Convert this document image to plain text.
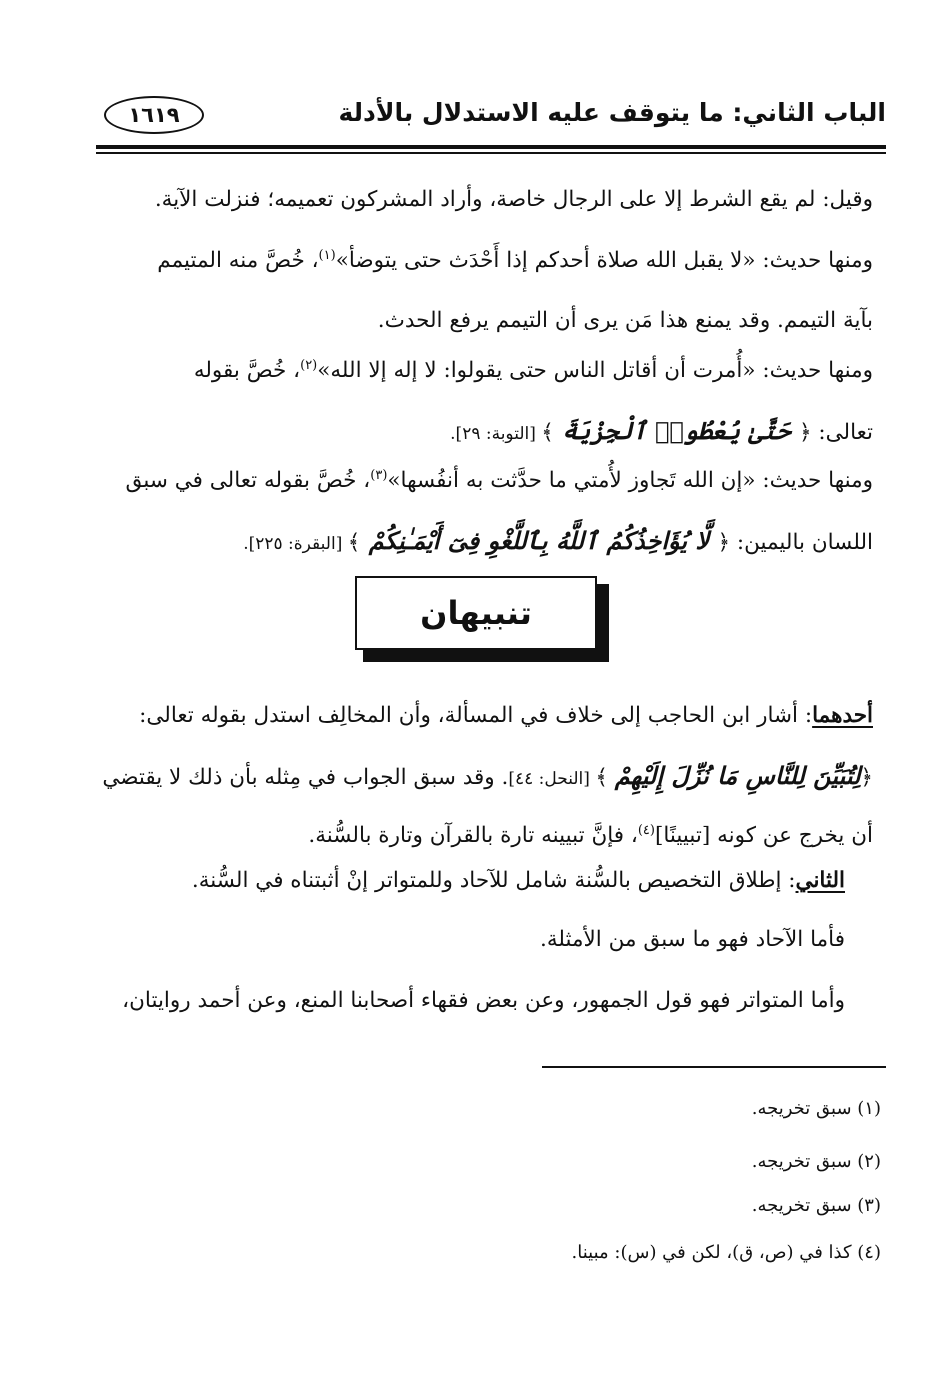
الباب الثاني: ما يتوقف عليه الاستدلال بالأدلة
١٦١٩
وقيل: لم يقع الشرط إلا على الرجال خاصة، وأراد المشركون تعميمه؛ فنزلت الآية.
ومنها حديث: «لا يقبل الله صلاة أحدكم إذا أَحْدَث حتى يتوضأ»$^{(١)}$، خُصَّ منه المتيمم
بآية التيمم. وقد يمنع هذا مَن يرى أن التيمم يرفع الحدث.
ومنها حديث: «أُمرت أن أقاتل الناس حتى يقولوا: لا إله إلا الله»$^{(٢)}$، خُصَّ بقوله
تعالى: ﴿ حَتَّىٰ يُعْطُوا۟ ٱلْجِزْيَةَ ﴾ [التوبة: ٢٩].
ومنها حديث: «إن الله تَجاوز لأُمتي ما حدَّثت به أنفُسها»$^{(٣)}$، خُصَّ بقوله تعالى في سبق
اللسان باليمين: ﴿ لَّا يُؤَاخِذُكُمُ ٱللَّهُ بِٱللَّغْوِ فِىٓ أَيْمَـٰنِكُمْ ﴾ [البقرة: ٢٢٥].
تنبيهان
أحدهما: أشار ابن الحاجب إلى خلاف في المسألة، وأن المخالِف استدل بقوله تعالى:
﴿لِتُبَيِّنَ لِلنَّاسِ مَا نُزِّلَ إِلَيْهِمْ ﴾ [النحل: ٤٤]. وقد سبق الجواب في مِثله بأن ذلك لا يقتضي
أن يخرج عن كونه [تبيينًا]$^{(٤)}$، فإنَّ تبيينه تارة بالقرآن وتارة بالسُّنة.
الثاني: إطلاق التخصيص بالسُّنة شامل للآحاد وللمتواتر إنْ أثبتناه في السُّنة.
فأما الآحاد فهو ما سبق من الأمثلة.
وأما المتواتر فهو قول الجمهور، وعن بعض فقهاء أصحابنا المنع، وعن أحمد روايتان،
(١) سبق تخريجه.
(٢) سبق تخريجه.
(٣) سبق تخريجه.
(٤) كذا في (ص، ق)، لكن في (س): مبينا.
